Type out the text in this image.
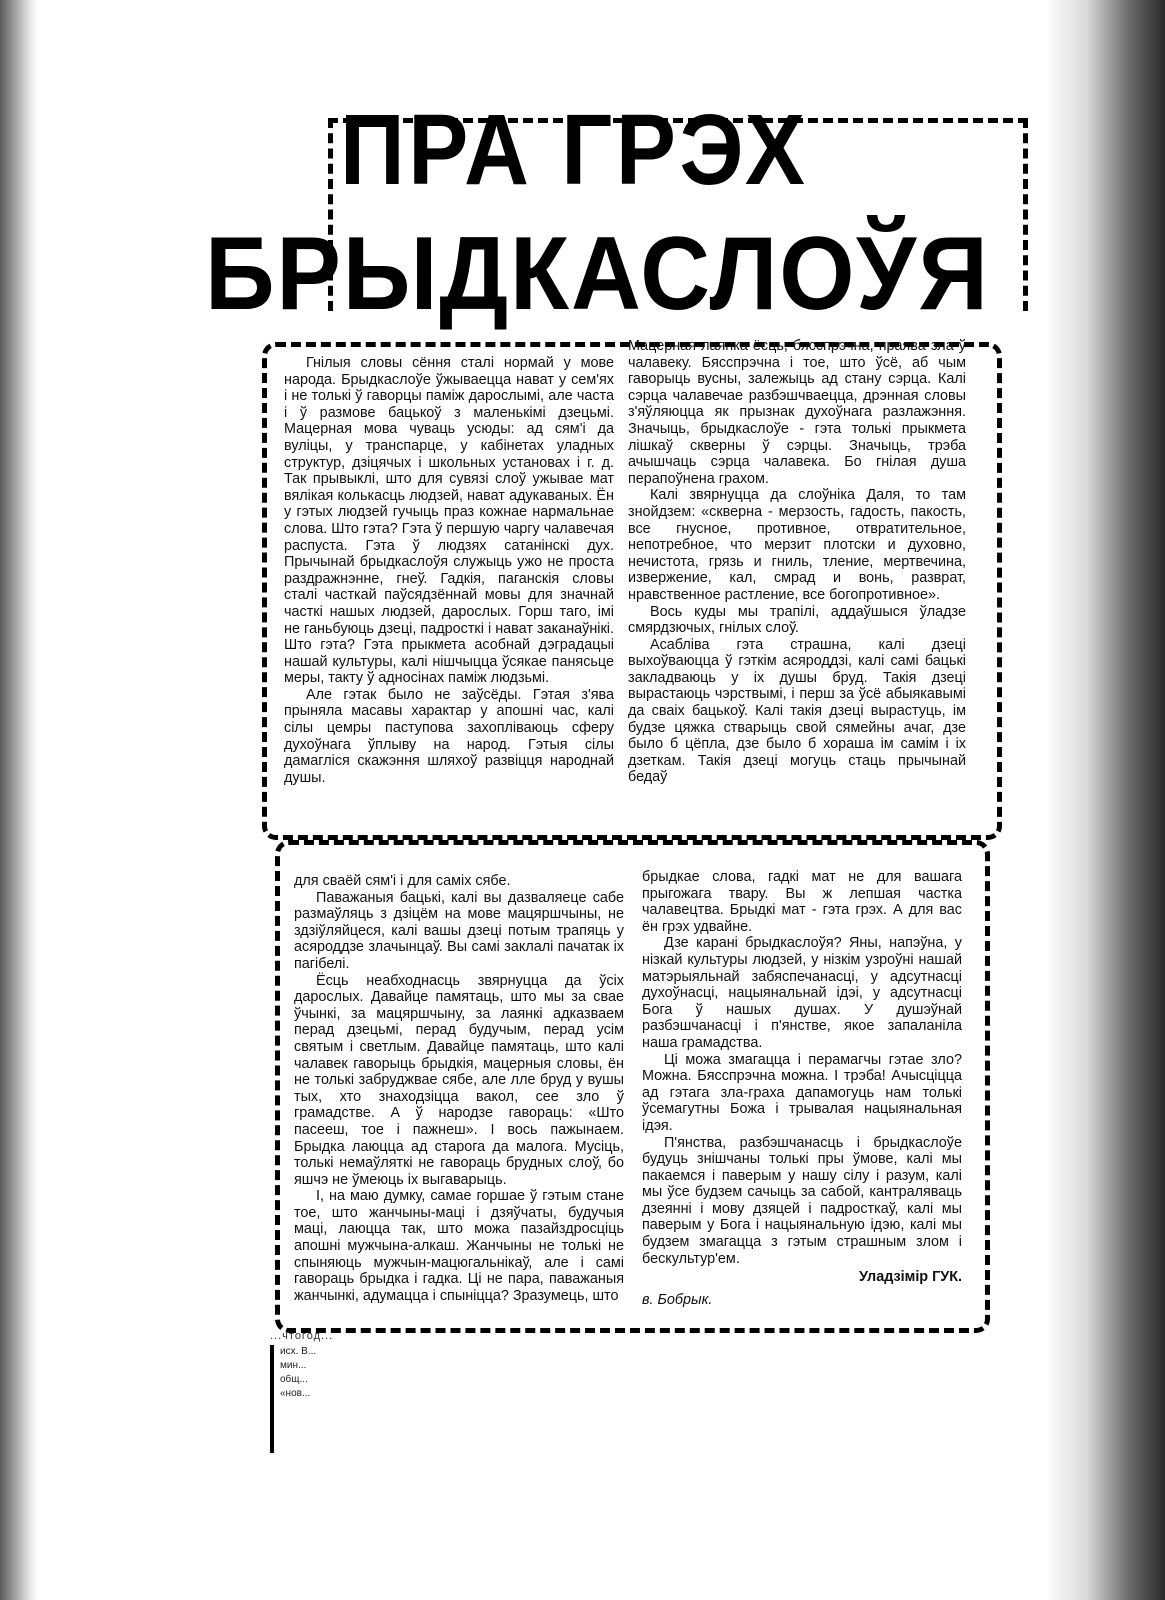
ПРА ГРЭХ
БРЫДКАСЛОЎЯ

Гнілыя словы сёння сталі нормай у мове народа. Брыдкаслоўе ўжываецца нават у сем'ях і не толькі ў гаворцы паміж дарослымі, але часта і ў размове бацькоў з маленькімі дзецьмі. Мацерная мова чуваць усюды: ад сям'і да вуліцы, у транспарце, у кабінетах уладных структур, дзіцячых і школьных установах і г. д. Так прывыклі, што для сувязі слоў ужывае мат вялікая колькасць людзей, нават адукаваных. Ён у гэтых людзей гучыць праз кожнае нармальнае слова. Што гэта? Гэта ў першую чаргу чалавечая распуста. Гэта ў людзях сатанінскі дух. Прычынай брыдкаслоўя служыць ужо не проста раздражнэнне, гнеў. Гадкія, паганскія словы сталі часткай паўсядзённай мовы для значнай часткі нашых людзей, дарослых. Горш таго, імі не ганьбуюць дзеці, падросткі і нават заканаўнікі. Што гэта? Гэта прыкмета асобнай дэградацыі нашай культуры, калі нішчыцца ўсякае панясьце меры, такту ў адносінах паміж людзьмі.

Але гэтак было не заўсёды. Гэтая з'ява прыняла масавы характар у апошні час, калі сілы цемры паступова захопліваюць сферу духоўнага ўплыву на народ. Гэтыя сілы дамагліся скажэння шляхоў развіцця народнай душы.

Мацерная лаянка ёсць, бясспрэчна, праява зла ў чалавеку. Бясспрэчна і тое, што ўсё, аб чым гаворыць вусны, залежыць ад стану сэрца. Калі сэрца чалавечае разбэшчваецца, дрэнная словы з'яўляюцца як прызнак духоўнага разлажэння. Значыць, брыдкаслоўе - гэта толькі прыкмета лішкаў скверны ў сэрцы. Значыць, трэба ачышчаць сэрца чалавека. Бо гнілая душа перапоўнена грахом.

Калі звярнуцца да слоўніка Даля, то там знойдзем: «скверна - мерзость, гадость, пакость, все гнусное, противное, отвратительное, непотребное, что мерзит плотски и духовно, нечистота, грязь и гниль, тление, мертвечина, извержение, кал, смрад и вонь, разврат, нравственное растление, все богопротивное».

Вось куды мы трапілі, аддаўшыся ўладзе смярдзючых, гнілых слоў.

Асабліва гэта страшна, калі дзеці выхоўваюцца ў гэткім асяроддзі, калі самі бацькі закладваюць у іх душы бруд. Такія дзеці вырастаюць чэрствымі, і перш за ўсё абыякавымі да сваіх бацькоў. Калі такія дзеці вырастуць, ім будзе цяжка стварыць свой сямейны ачаг, дзе было б цёпла, дзе было б хораша ім самім і іх дзеткам. Такія дзеці могуць стаць прычынай бедаў

для сваёй сям'і і для саміх сябе.

Паважаныя бацькі, калі вы дазваляеце сабе размаўляць з дзіцём на мове мацяршчыны, не здзіўляйцеся, калі вашы дзеці потым трапяць у асяроддзе злачынцаў. Вы самі заклалі пачатак іх пагібелі.

Ёсць неабходнасць звярнуцца да ўсіх дарослых. Давайце памятаць, што мы за свае ўчынкі, за мацяршчыну, за лаянкі адказваем перад дзецьмі, перад будучым, перад усім святым і светлым. Давайце памятаць, што калі чалавек гаворыць брыдкія, мацерныя словы, ён не толькі забруджвае сябе, але лле бруд у вушы тых, хто знаходзіцца вакол, сее зло ў грамадстве. А ў народзе гавораць: «Што пасееш, тое і пажнеш». І вось пажынаем. Брыдка лаюцца ад старога да малога. Мусіць, толькі немаўляткі не гавораць брудных слоў, бо яшчэ не ўмеюць іх выгаварыць.

І, на маю думку, самае горшае ў гэтым стане тое, што жанчыны-маці і дзяўчаты, будучыя маці, лаюцца так, што можа пазайздросціць апошні мужчына-алкаш. Жанчыны не толькі не спыняюць мужчын-мацюгальнікаў, але і самі гавораць брыдка і гадка. Ці не пара, паважаныя жанчынкі, адумацца і спыніцца? Зразумець, што

брыдкае слова, гадкі мат не для вашага прыгожага твару. Вы ж лепшая частка чалавецтва. Брыдкі мат - гэта грэх. А для вас ён грэх удвайне.

Дзе карані брыдкаслоўя? Яны, напэўна, у нізкай культуры людзей, у нізкім узроўні нашай матэрыяльнай забяспечанасці, у адсутнасці духоўнасці, нацыянальнай ідэі, у адсутнасці Бога ў нашых душах. У душэўнай разбэшчанасці і п'янстве, якое запаланіла наша грамадства.

Ці можа змагацца і перамагчы гэтае зло? Можна. Бясспрэчна можна. І трэба! Ачысціцца ад гэтага зла-граха дапамогуць нам толькі ўсемагутны Божа і трывалая нацыянальная ідэя.

П'янства, разбэшчанасць і брыдкаслоўе будуць знішчаны толькі пры ўмове, калі мы пакаемся і паверым у нашу сілу і разум, калі мы ўсе будзем сачыць за сабой, кантраляваць дзеянні і мову дзяцей і падросткаў, калі мы паверым у Бога і нацыянальную ідэю, калі мы будзем змагацца з гэтым страшным злом і бескультур'ем.

Уладзімір ГУК.

в. Бобрык.

...чтогод...
исх. В...
мин...
общ...
«нов...
